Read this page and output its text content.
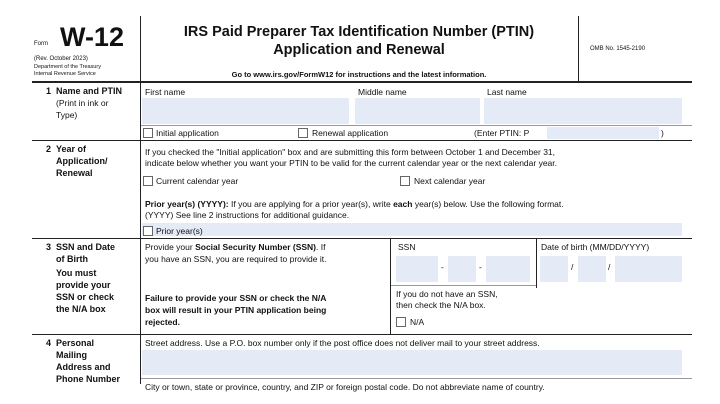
Form W-12
(Rev. October 2023)
Department of the Treasury
Internal Revenue Service
IRS Paid Preparer Tax Identification Number (PTIN)
Application and Renewal
Go to www.irs.gov/FormW12 for instructions and the latest information.
OMB No. 1545-2190
1 Name and PTIN
(Print in ink or
Type)
First name	Middle name	Last name
Initial application	Renewal application	(Enter PTIN: P	)
2 Year of
Application/
Renewal
If you checked the "Initial application" box and are submitting this form between October 1 and December 31,
indicate below whether you want your PTIN to be valid for the current calendar year or the next calendar year.
Current calendar year	Next calendar year
Prior year(s) (YYYY): If you are applying for a prior year(s), write each year(s) below. Use the following format.
(YYYY) See line 2 instructions for additional guidance.
Prior year(s)
3 SSN and Date
of Birth
You must
provide your
SSN or check
the N/A box
Provide your Social Security Number (SSN). If
you have an SSN, you are required to provide it.
Failure to provide your SSN or check the N/A
box will result in your PTIN application being
rejected.
SSN
-	-
If you do not have an SSN,
then check the N/A box.
N/A
Date of birth (MM/DD/YYYY)
/	/
4 Personal
Mailing
Address and
Phone Number
Street address. Use a P.O. box number only if the post office does not deliver mail to your street address.
City or town, state or province, country, and ZIP or foreign postal code. Do not abbreviate name of country.
